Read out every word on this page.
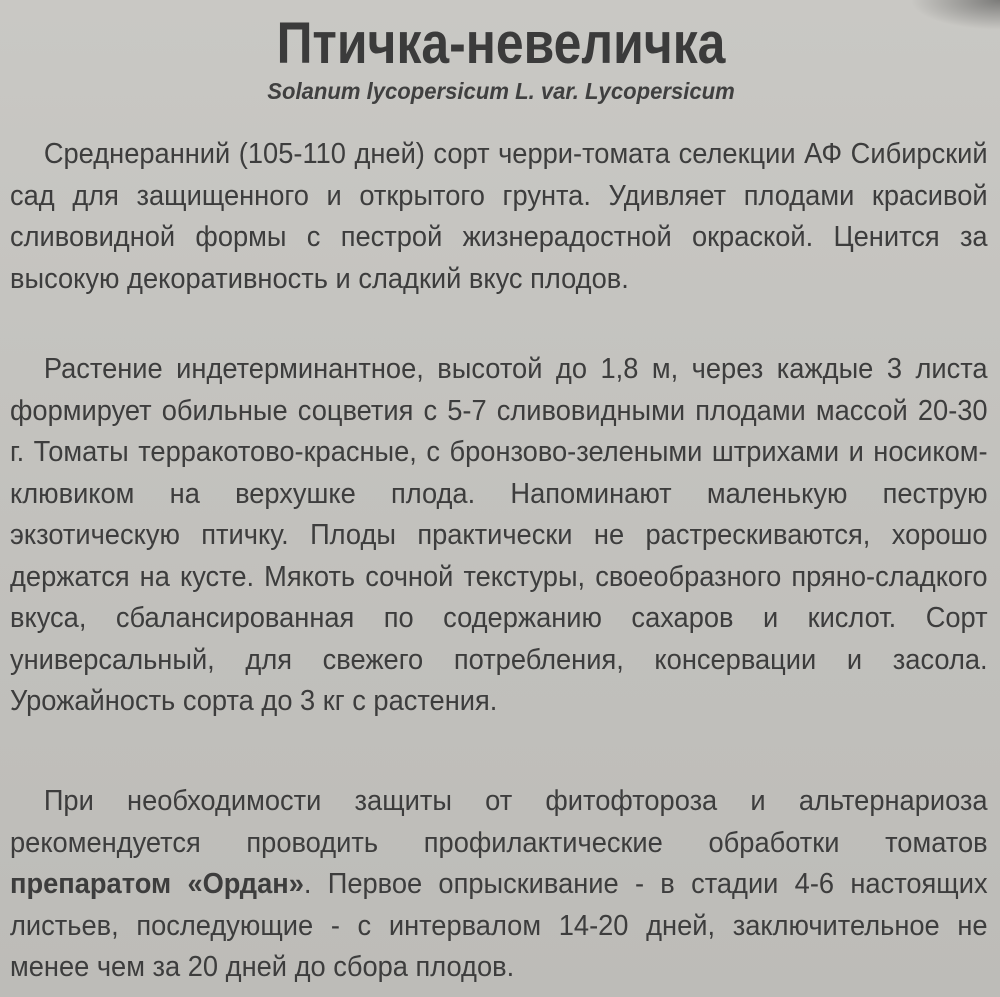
Птичка-невеличка
Solanum lycopersicum L. var. Lycopersicum

Среднеранний (105-110 дней) сорт черри-томата селекции АФ Сибирский сад для защищенного и открытого грунта. Удивляет плодами красивой сливовидной формы с пестрой жизнерадостной окраской. Ценится за высокую декоративность и сладкий вкус плодов.

Растение индетерминантное, высотой до 1,8 м, через каждые 3 листа формирует обильные соцветия с 5-7 сливовидными плодами массой 20-30 г. Томаты терракотово-красные, с бронзово-зелеными штрихами и носиком-клювиком на верхушке плода. Напоминают маленькую пеструю экзотическую птичку. Плоды практически не растрескиваются, хорошо держатся на кусте. Мякоть сочной текстуры, своеобразного пряно-сладкого вкуса, сбалансированная по содержанию сахаров и кислот. Сорт универсальный, для свежего потребления, консервации и засола. Урожайность сорта до 3 кг с растения.

При необходимости защиты от фитофтороза и альтернариоза рекомендуется проводить профилактические обработки томатов препаратом «Ордан». Первое опрыскивание - в стадии 4-6 настоящих листьев, последующие - с интервалом 14-20 дней, заключительное не менее чем за 20 дней до сбора плодов.
